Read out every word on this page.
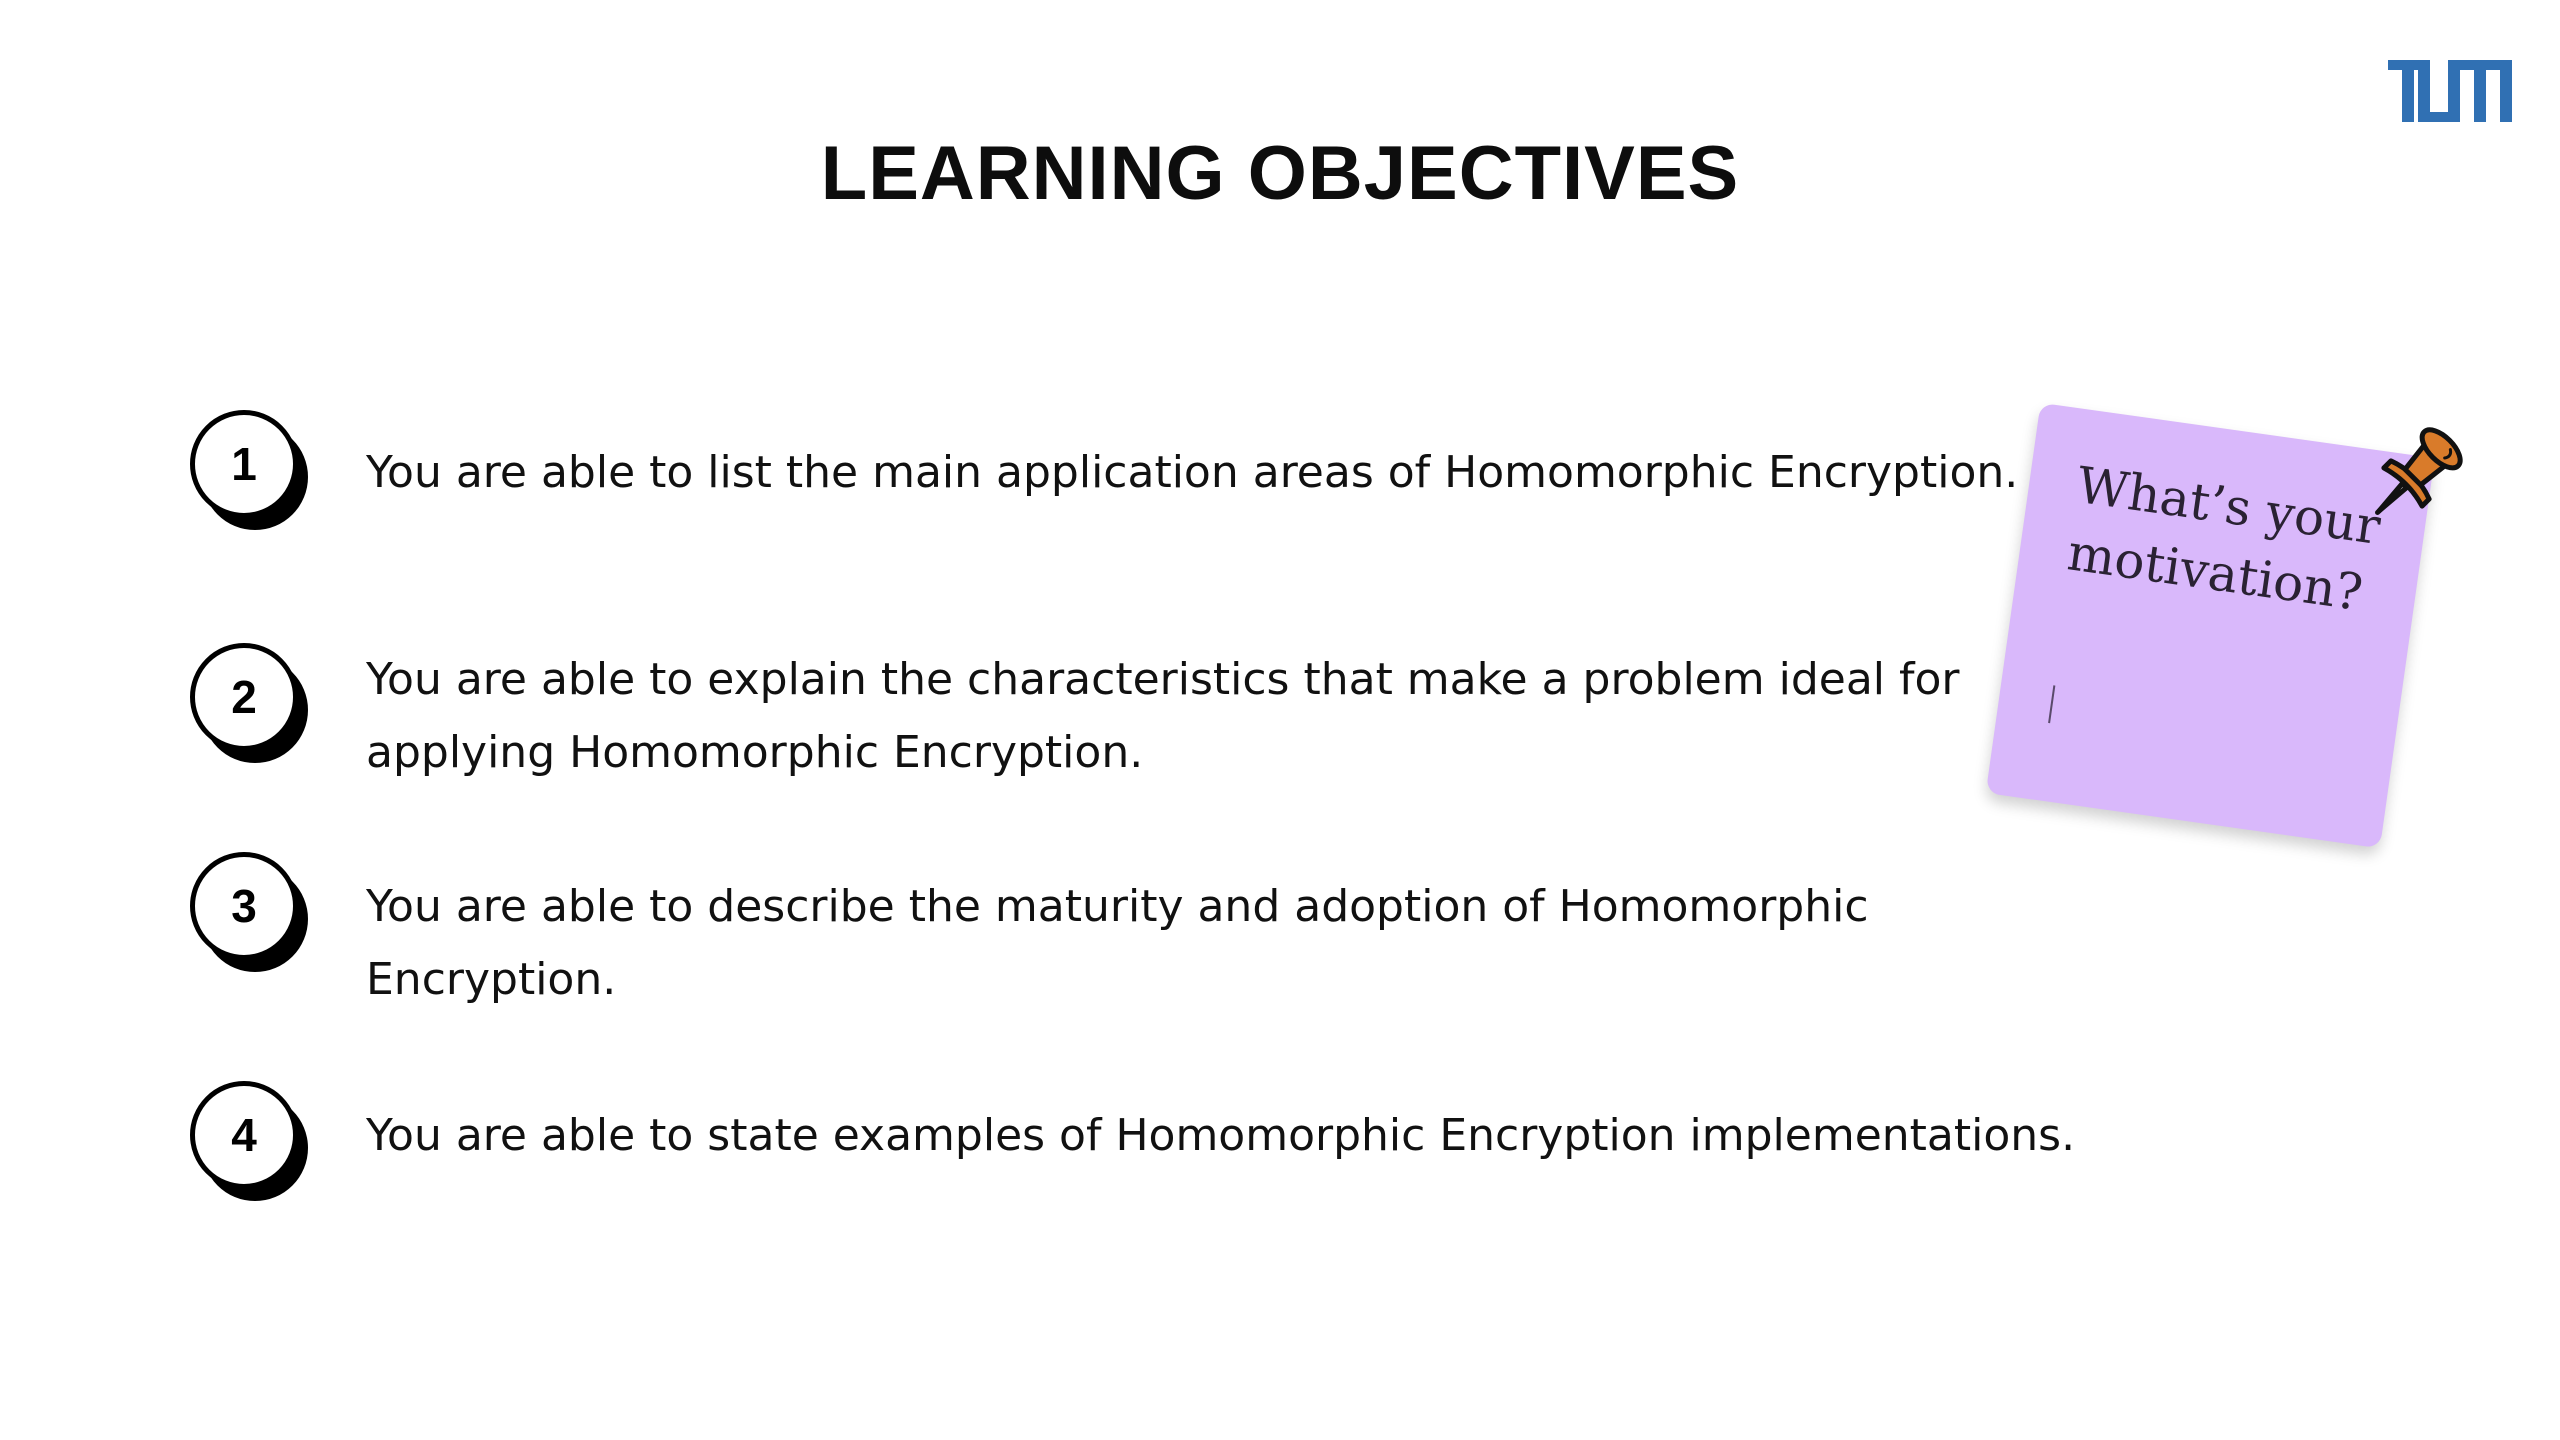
LEARNING OBJECTIVES
1	You are able to list the main application areas of Homomorphic Encryption.
2	You are able to explain the characteristics that make a problem ideal for applying Homomorphic Encryption.
3	You are able to describe the maturity and adoption of Homomorphic Encryption.
4	You are able to state examples of Homomorphic Encryption implementations.
What’s your motivation?
